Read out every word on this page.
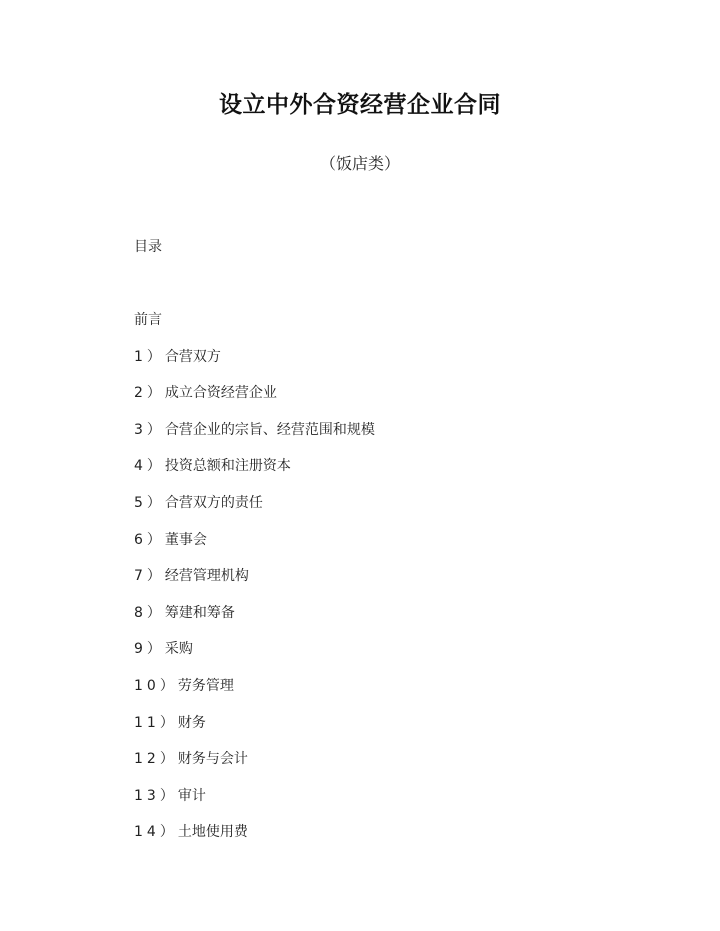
设立中外合资经营企业合同
（饭店类）
目录
前言
1）合营双方
2）成立合资经营企业
3）合营企业的宗旨、经营范围和规模
4）投资总额和注册资本
5）合营双方的责任
6）董事会
7）经营管理机构
8）筹建和筹备
9）采购
10）劳务管理
11）财务
12）财务与会计
13）审计
14）土地使用费
